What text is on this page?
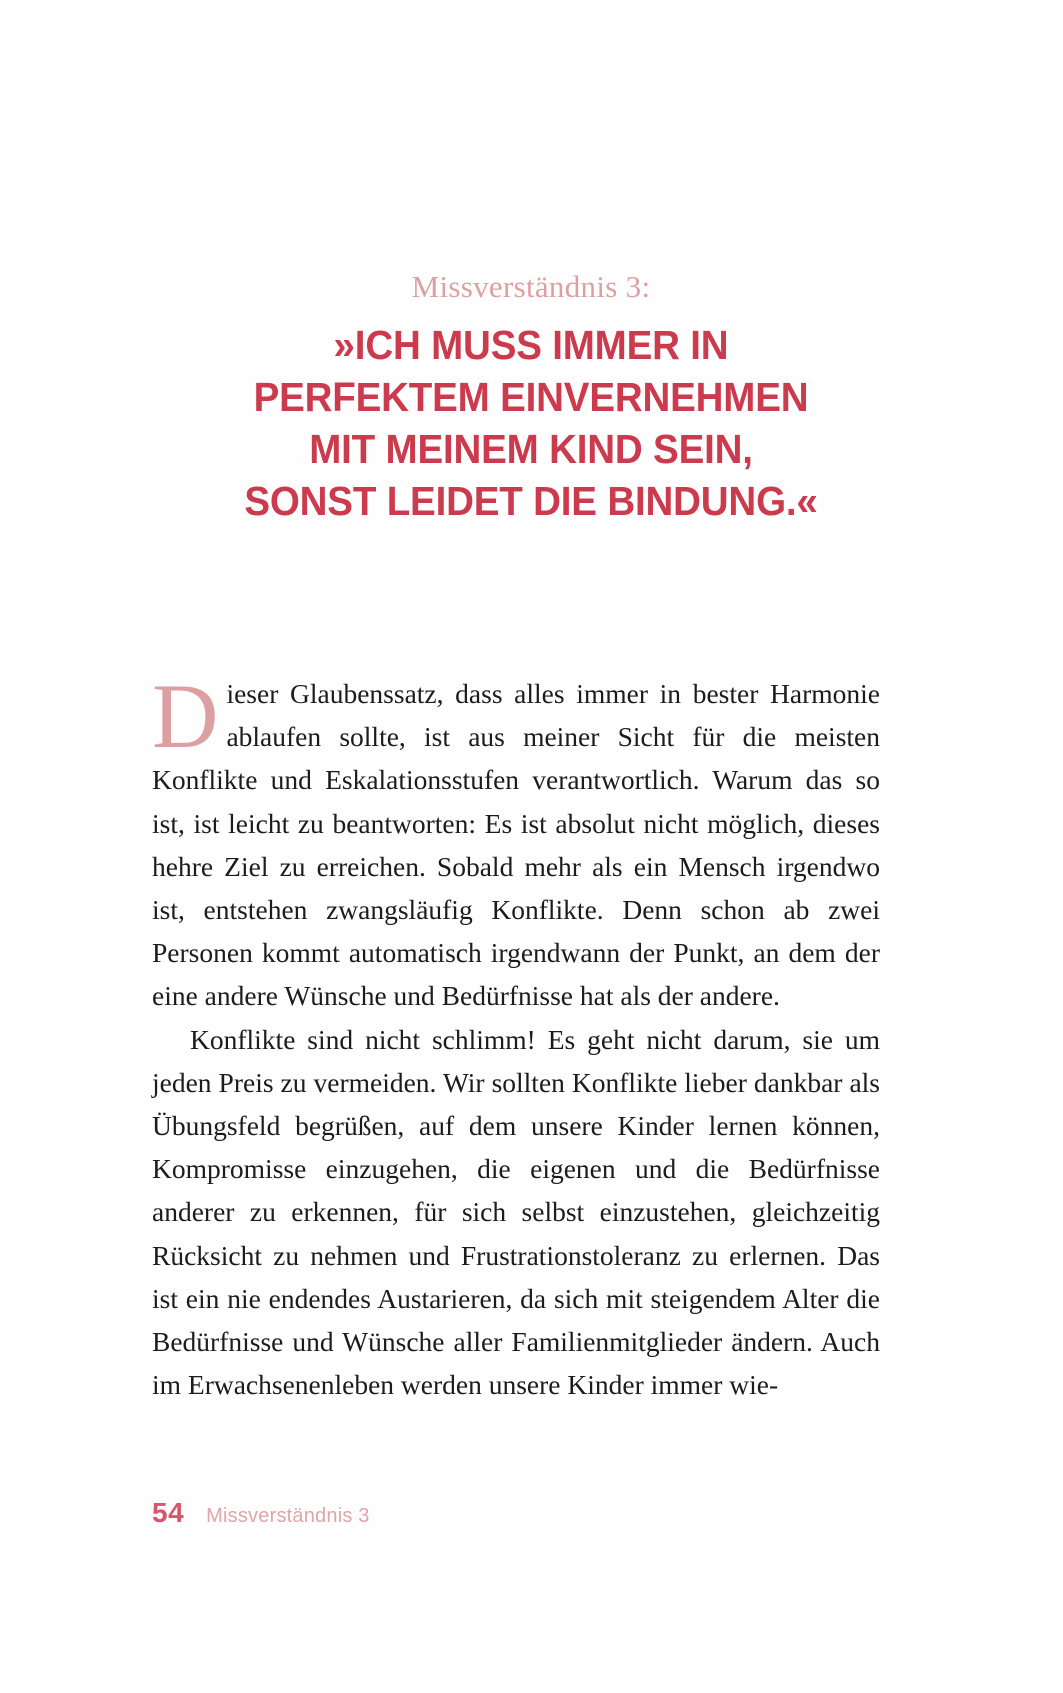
Missverständnis 3:
»ICH MUSS IMMER IN
PERFEKTEM EINVERNEHMEN
MIT MEINEM KIND SEIN,
SONST LEIDET DIE BINDUNG.«

Dieser Glaubenssatz, dass alles immer in bester Harmonie ablaufen sollte, ist aus meiner Sicht für die meisten Konflikte und Eskalationsstufen verantwortlich. Warum das so ist, ist leicht zu beantworten: Es ist absolut nicht möglich, dieses hehre Ziel zu erreichen. Sobald mehr als ein Mensch irgendwo ist, entstehen zwangsläufig Konflikte. Denn schon ab zwei Personen kommt automatisch irgendwann der Punkt, an dem der eine andere Wünsche und Bedürfnisse hat als der andere.

Konflikte sind nicht schlimm! Es geht nicht darum, sie um jeden Preis zu vermeiden. Wir sollten Konflikte lieber dankbar als Übungsfeld begrüßen, auf dem unsere Kinder lernen können, Kompromisse einzugehen, die eigenen und die Bedürfnisse anderer zu erkennen, für sich selbst einzustehen, gleichzeitig Rücksicht zu nehmen und Frustrationstoleranz zu erlernen. Das ist ein nie endendes Austarieren, da sich mit steigendem Alter die Bedürfnisse und Wünsche aller Familienmitglieder ändern. Auch im Erwachsenenleben werden unsere Kinder immer wie-

54 Missverständnis 3
